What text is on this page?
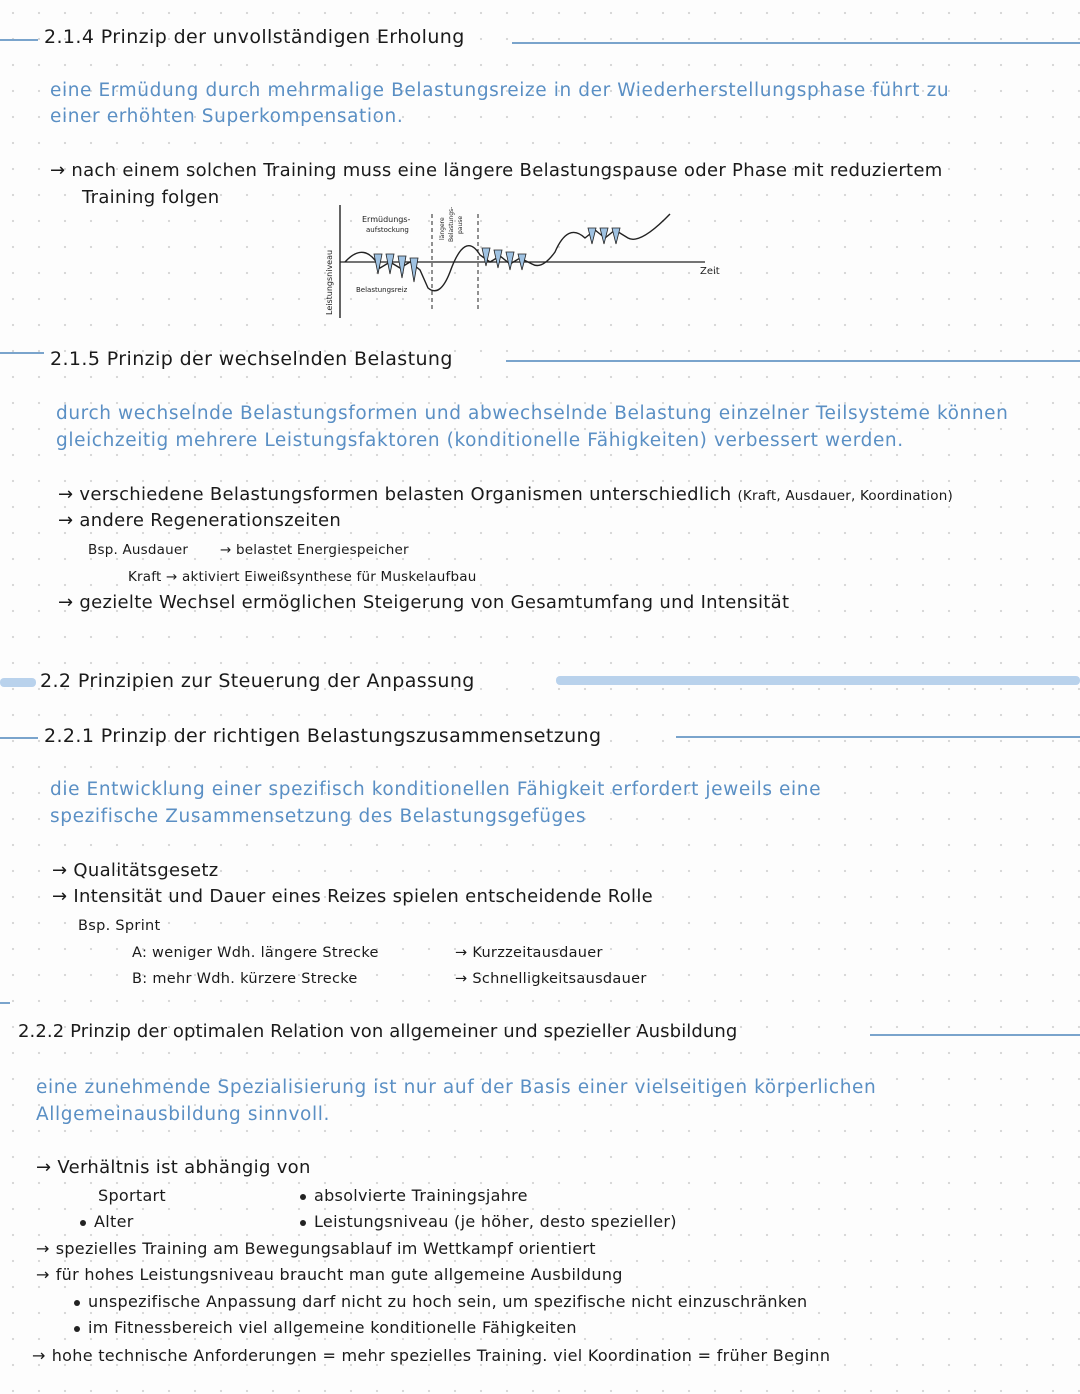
2.1.4 Prinzip der unvollständigen Erholung
eine Ermüdung durch mehrmalige Belastungsreize in der Wiederherstellungsphase führt zu
einer erhöhten Superkompensation.
→ nach einem solchen Training muss eine längere Belastungspause oder Phase mit reduziertem
Training folgen
Leistungsniveau
Ermüdungs-
aufstockung	längere Belastungs- pause
Belastungsreiz
Zeit
2.1.5 Prinzip der wechselnden Belastung
durch wechselnde Belastungsformen und abwechselnde Belastung einzelner Teilsysteme können
gleichzeitig mehrere Leistungsfaktoren (konditionelle Fähigkeiten) verbessert werden.
→ verschiedene Belastungsformen belasten Organismen unterschiedlich (Kraft, Ausdauer, Koordination)
→ andere Regenerationszeiten
Bsp. Ausdauer → belastet Energiespeicher
Kraft → aktiviert Eiweißsynthese für Muskelaufbau
→ gezielte Wechsel ermöglichen Steigerung von Gesamtumfang und Intensität
2.2 Prinzipien zur Steuerung der Anpassung
2.2.1 Prinzip der richtigen Belastungszusammensetzung
die Entwicklung einer spezifisch konditionellen Fähigkeit erfordert jeweils eine
spezifische Zusammensetzung des Belastungsgefüges
→ Qualitätsgesetz
→ Intensität und Dauer eines Reizes spielen entscheidende Rolle
Bsp. Sprint
A: weniger Wdh. längere Strecke	→ Kurzzeitausdauer
B: mehr Wdh. kürzere Strecke	→ Schnelligkeitsausdauer
2.2.2 Prinzip der optimalen Relation von allgemeiner und spezieller Ausbildung
eine zunehmende Spezialisierung ist nur auf der Basis einer vielseitigen körperlichen
Allgemeinausbildung sinnvoll.
→ Verhältnis ist abhängig von
Sportart
Alter
absolvierte Trainingsjahre
Leistungsniveau (je höher, desto spezieller)
→ spezielles Training am Bewegungsablauf im Wettkampf orientiert
→ für hohes Leistungsniveau braucht man gute allgemeine Ausbildung
unspezifische Anpassung darf nicht zu hoch sein, um spezifische nicht einzuschränken
im Fitnessbereich viel allgemeine konditionelle Fähigkeiten
→ hohe technische Anforderungen = mehr spezielles Training. viel Koordination = früher Beginn
